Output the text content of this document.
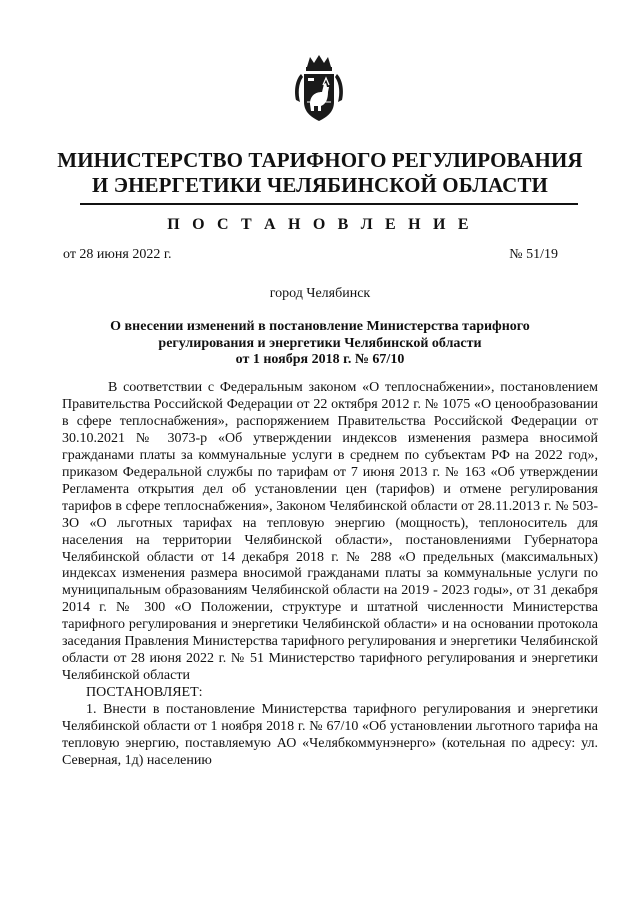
МИНИСТЕРСТВО ТАРИФНОГО РЕГУЛИРОВАНИЯ
И ЭНЕРГЕТИКИ ЧЕЛЯБИНСКОЙ ОБЛАСТИ
П О С Т А Н О В Л Е Н И Е
от 28 июня 2022 г.	№ 51/19
город Челябинск
О внесении изменений в постановление Министерства тарифного
регулирования и энергетики Челябинской области
от 1 ноября 2018 г. № 67/10

В соответствии с Федеральным законом «О теплоснабжении», постановлением Правительства Российской Федерации от 22 октября 2012 г. № 1075 «О ценообразовании в сфере теплоснабжения», распоряжением Правительства Российской Федерации от 30.10.2021 № 3073-р «Об утверждении индексов изменения размера вносимой гражданами платы за коммунальные услуги в среднем по субъектам РФ на 2022 год», приказом Федеральной службы по тарифам от 7 июня 2013 г. № 163 «Об утверждении Регламента открытия дел об установлении цен (тарифов) и отмене регулирования тарифов в сфере теплоснабжения», Законом Челябинской области от 28.11.2013 г. № 503-ЗО «О льготных тарифах на тепловую энергию (мощность), теплоноситель для населения на территории Челябинской области», постановлениями Губернатора Челябинской области от 14 декабря 2018 г. № 288 «О предельных (максимальных) индексах изменения размера вносимой гражданами платы за коммунальные услуги по муниципальным образованиям Челябинской области на 2019 - 2023 годы», от 31 декабря 2014 г. № 300 «О Положении, структуре и штатной численности Министерства тарифного регулирования и энергетики Челябинской области» и на основании протокола заседания Правления Министерства тарифного регулирования и энергетики Челябинской области от 28 июня 2022 г. № 51 Министерство тарифного регулирования и энергетики Челябинской области

ПОСТАНОВЛЯЕТ:

1. Внести в постановление Министерства тарифного регулирования и энергетики Челябинской области от 1 ноября 2018 г. № 67/10 «Об установлении льготного тарифа на тепловую энергию, поставляемую АО «Челябкоммунэнерго» (котельная по адресу: ул. Северная, 1д) населению
